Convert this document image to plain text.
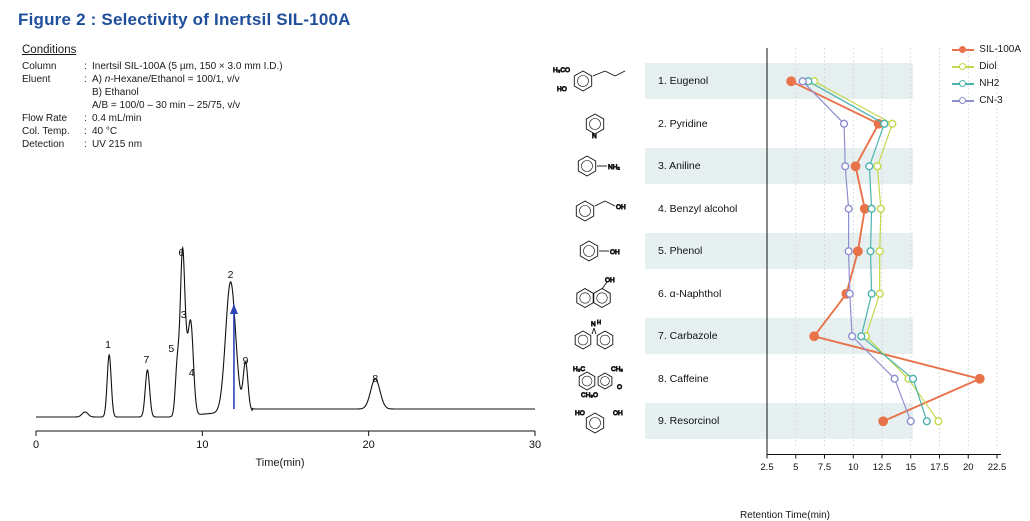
Figure 2 : Selectivity of Inertsil SIL-100A
Conditions
Column	: Inertsil SIL-100A (5 µm, 150 × 3.0 mm I.D.)
Eluent	: A) n-Hexane/Ethanol = 100/1, v/v
B) Ethanol
A/B = 100/0 – 30 min – 25/75, v/v
Flow Rate	: 0.4 mL/min
Col. Temp.	: 40 °C
Detection	: UV 215 nm
0	10	20	30
Time(min)
1
7
5
4
6
3
2
9
8
1. Eugenol
H₃CO
HO
2. Pyridine
N
3. Aniline
NH₂
4. Benzyl alcohol
OH
5. Phenol
OH
6. α-Naphthol
OH
7. Carbazole
N H
8. Caffeine
H₃C	CH₃
CH₃
O
O
9. Resorcinol
HO	OH
SIL-100A
Diol
NH2
CN-3
Retention Time(min)
2.5	5	7.5	10	12.5	15	17.5	20	22.5
